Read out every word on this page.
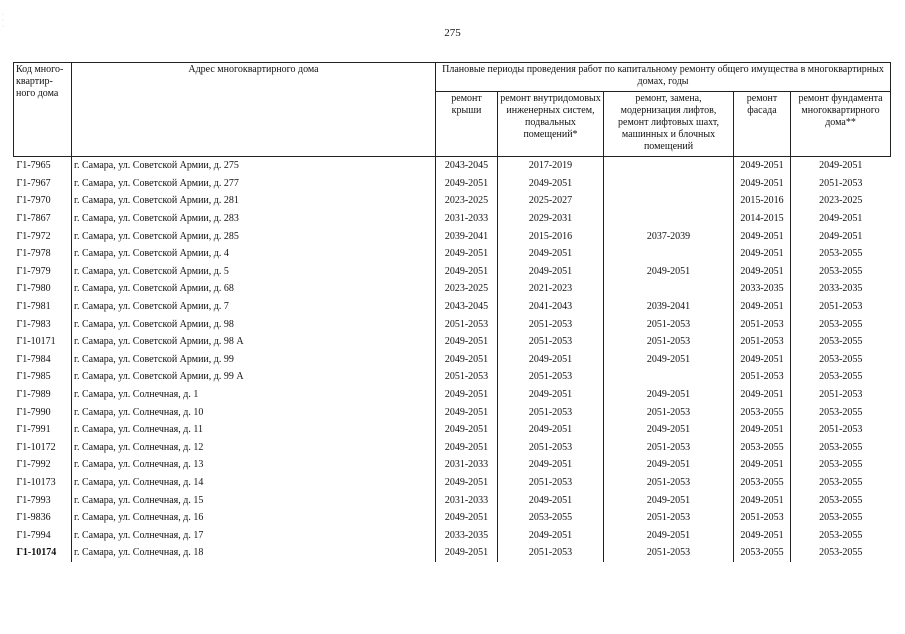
·
·
·	275
Код много-квартир-ного дома	Адрес многоквартирного дома	Плановые периоды проведения работ по капитальному ремонту общего имущества в многоквартирных домах, годы				
		ремонт крыши	ремонт внутридомовых инженерных систем, подвальных помещений*	ремонт, замена, модернизация лифтов, ремонт лифтовых шахт, машинных и блочных помещений	ремонт фасада	ремонт фундамента многоквартирного дома**
Г1-7965	г. Самара, ул. Советской Армии, д. 275	2043-2045	2017-2019		2049-2051	2049-2051
Г1-7967	г. Самара, ул. Советской Армии, д. 277	2049-2051	2049-2051		2049-2051	2051-2053
Г1-7970	г. Самара, ул. Советской Армии, д. 281	2023-2025	2025-2027		2015-2016	2023-2025
Г1-7867	г. Самара, ул. Советской Армии, д. 283	2031-2033	2029-2031		2014-2015	2049-2051
Г1-7972	г. Самара, ул. Советской Армии, д. 285	2039-2041	2015-2016	2037-2039	2049-2051	2049-2051
Г1-7978	г. Самара, ул. Советской Армии, д. 4	2049-2051	2049-2051		2049-2051	2053-2055
Г1-7979	г. Самара, ул. Советской Армии, д. 5	2049-2051	2049-2051	2049-2051	2049-2051	2053-2055
Г1-7980	г. Самара, ул. Советской Армии, д. 68	2023-2025	2021-2023		2033-2035	2033-2035
Г1-7981	г. Самара, ул. Советской Армии, д. 7	2043-2045	2041-2043	2039-2041	2049-2051	2051-2053
Г1-7983	г. Самара, ул. Советской Армии, д. 98	2051-2053	2051-2053	2051-2053	2051-2053	2053-2055
Г1-10171	г. Самара, ул. Советской Армии, д. 98 А	2049-2051	2051-2053	2051-2053	2051-2053	2053-2055
Г1-7984	г. Самара, ул. Советской Армии, д. 99	2049-2051	2049-2051	2049-2051	2049-2051	2053-2055
Г1-7985	г. Самара, ул. Советской Армии, д. 99 А	2051-2053	2051-2053		2051-2053	2053-2055
Г1-7989	г. Самара, ул. Солнечная, д. 1	2049-2051	2049-2051	2049-2051	2049-2051	2051-2053
Г1-7990	г. Самара, ул. Солнечная, д. 10	2049-2051	2051-2053	2051-2053	2053-2055	2053-2055
Г1-7991	г. Самара, ул. Солнечная, д. 11	2049-2051	2049-2051	2049-2051	2049-2051	2051-2053
Г1-10172	г. Самара, ул. Солнечная, д. 12	2049-2051	2051-2053	2051-2053	2053-2055	2053-2055
Г1-7992	г. Самара, ул. Солнечная, д. 13	2031-2033	2049-2051	2049-2051	2049-2051	2053-2055
Г1-10173	г. Самара, ул. Солнечная, д. 14	2049-2051	2051-2053	2051-2053	2053-2055	2053-2055
Г1-7993	г. Самара, ул. Солнечная, д. 15	2031-2033	2049-2051	2049-2051	2049-2051	2053-2055
Г1-9836	г. Самара, ул. Солнечная, д. 16	2049-2051	2053-2055	2051-2053	2051-2053	2053-2055
Г1-7994	г. Самара, ул. Солнечная, д. 17	2033-2035	2049-2051	2049-2051	2049-2051	2053-2055
Г1-10174	г. Самара, ул. Солнечная, д. 18	2049-2051	2051-2053	2051-2053	2053-2055	2053-2055
